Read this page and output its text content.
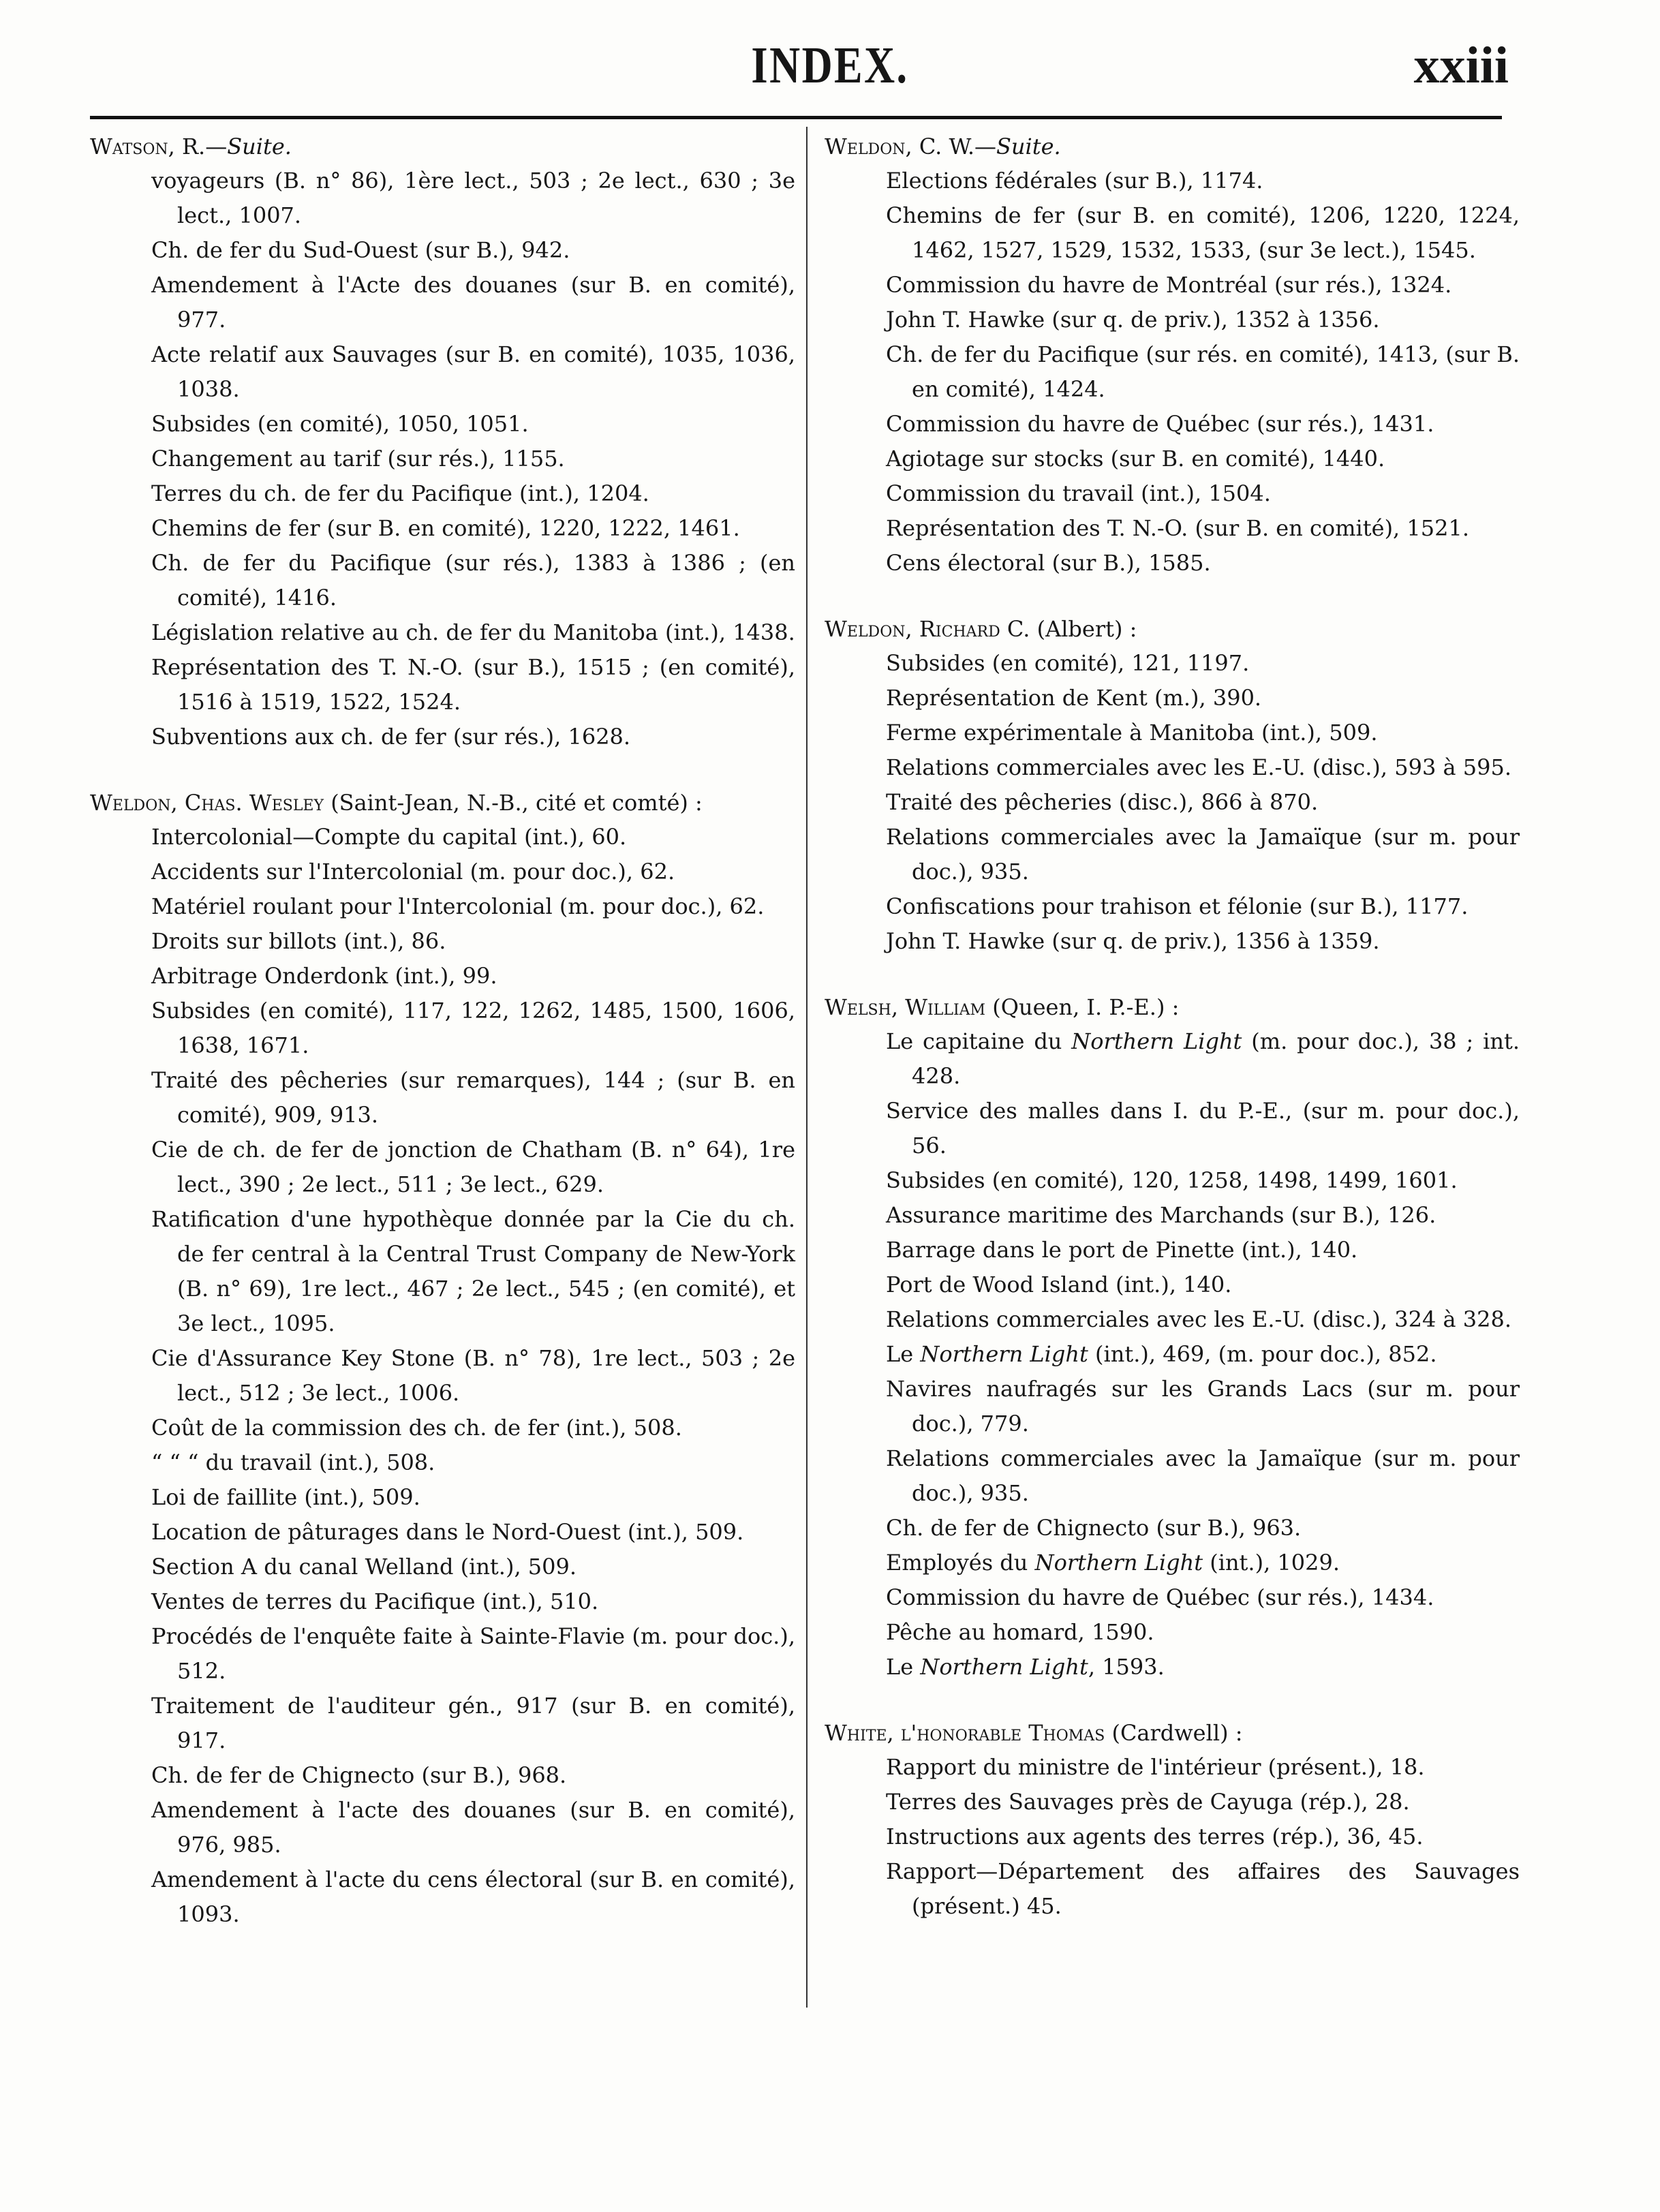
INDEX.	xxiii
Watson, R.—Suite.
voyageurs (B. n° 86), 1ère lect., 503 ; 2e lect., 630 ; 3e lect., 1007.
Ch. de fer du Sud-Ouest (sur B.), 942.
Amendement à l'Acte des douanes (sur B. en comité), 977.
Acte relatif aux Sauvages (sur B. en comité), 1035, 1036, 1038.
Subsides (en comité), 1050, 1051.
Changement au tarif (sur rés.), 1155.
Terres du ch. de fer du Pacifique (int.), 1204.
Chemins de fer (sur B. en comité), 1220, 1222, 1461.
Ch. de fer du Pacifique (sur rés.), 1383 à 1386 ; (en comité), 1416.
Législation relative au ch. de fer du Manitoba (int.), 1438.
Représentation des T. N.-O. (sur B.), 1515 ; (en comité), 1516 à 1519, 1522, 1524.
Subventions aux ch. de fer (sur rés.), 1628.
Weldon, Chas. Wesley (Saint-Jean, N.-B., cité et comté) :
Intercolonial—Compte du capital (int.), 60.
Accidents sur l'Intercolonial (m. pour doc.), 62.
Matériel roulant pour l'Intercolonial (m. pour doc.), 62.
Droits sur billots (int.), 86.
Arbitrage Onderdonk (int.), 99.
Subsides (en comité), 117, 122, 1262, 1485, 1500, 1606, 1638, 1671.
Traité des pêcheries (sur remarques), 144 ; (sur B. en comité), 909, 913.
Cie de ch. de fer de jonction de Chatham (B. n° 64), 1re lect., 390 ; 2e lect., 511 ; 3e lect., 629.
Ratification d'une hypothèque donnée par la Cie du ch. de fer central à la Central Trust Company de New-York (B. n° 69), 1re lect., 467 ; 2e lect., 545 ; (en comité), et 3e lect., 1095.
Cie d'Assurance Key Stone (B. n° 78), 1re lect., 503 ; 2e lect., 512 ; 3e lect., 1006.
Coût de la commission des ch. de fer (int.), 508.
“ “ “ du travail (int.), 508.
Loi de faillite (int.), 509.
Location de pâturages dans le Nord-Ouest (int.), 509.
Section A du canal Welland (int.), 509.
Ventes de terres du Pacifique (int.), 510.
Procédés de l'enquête faite à Sainte-Flavie (m. pour doc.), 512.
Traitement de l'auditeur gén., 917 (sur B. en comité), 917.
Ch. de fer de Chignecto (sur B.), 968.
Amendement à l'acte des douanes (sur B. en comité), 976, 985.
Amendement à l'acte du cens électoral (sur B. en comité), 1093.
Weldon, C. W.—Suite.
Elections fédérales (sur B.), 1174.
Chemins de fer (sur B. en comité), 1206, 1220, 1224, 1462, 1527, 1529, 1532, 1533, (sur 3e lect.), 1545.
Commission du havre de Montréal (sur rés.), 1324.
John T. Hawke (sur q. de priv.), 1352 à 1356.
Ch. de fer du Pacifique (sur rés. en comité), 1413, (sur B. en comité), 1424.
Commission du havre de Québec (sur rés.), 1431.
Agiotage sur stocks (sur B. en comité), 1440.
Commission du travail (int.), 1504.
Représentation des T. N.-O. (sur B. en comité), 1521.
Cens électoral (sur B.), 1585.
Weldon, Richard C. (Albert) :
Subsides (en comité), 121, 1197.
Représentation de Kent (m.), 390.
Ferme expérimentale à Manitoba (int.), 509.
Relations commerciales avec les E.-U. (disc.), 593 à 595.
Traité des pêcheries (disc.), 866 à 870.
Relations commerciales avec la Jamaïque (sur m. pour doc.), 935.
Confiscations pour trahison et félonie (sur B.), 1177.
John T. Hawke (sur q. de priv.), 1356 à 1359.
Welsh, William (Queen, I. P.-E.) :
Le capitaine du Northern Light (m. pour doc.), 38 ; int. 428.
Service des malles dans I. du P.-E., (sur m. pour doc.), 56.
Subsides (en comité), 120, 1258, 1498, 1499, 1601.
Assurance maritime des Marchands (sur B.), 126.
Barrage dans le port de Pinette (int.), 140.
Port de Wood Island (int.), 140.
Relations commerciales avec les E.-U. (disc.), 324 à 328.
Le Northern Light (int.), 469, (m. pour doc.), 852.
Navires naufragés sur les Grands Lacs (sur m. pour doc.), 779.
Relations commerciales avec la Jamaïque (sur m. pour doc.), 935.
Ch. de fer de Chignecto (sur B.), 963.
Employés du Northern Light (int.), 1029.
Commission du havre de Québec (sur rés.), 1434.
Pêche au homard, 1590.
Le Northern Light, 1593.
White, l'honorable Thomas (Cardwell) :
Rapport du ministre de l'intérieur (présent.), 18.
Terres des Sauvages près de Cayuga (rép.), 28.
Instructions aux agents des terres (rép.), 36, 45.
Rapport—Département des affaires des Sauvages (présent.) 45.
